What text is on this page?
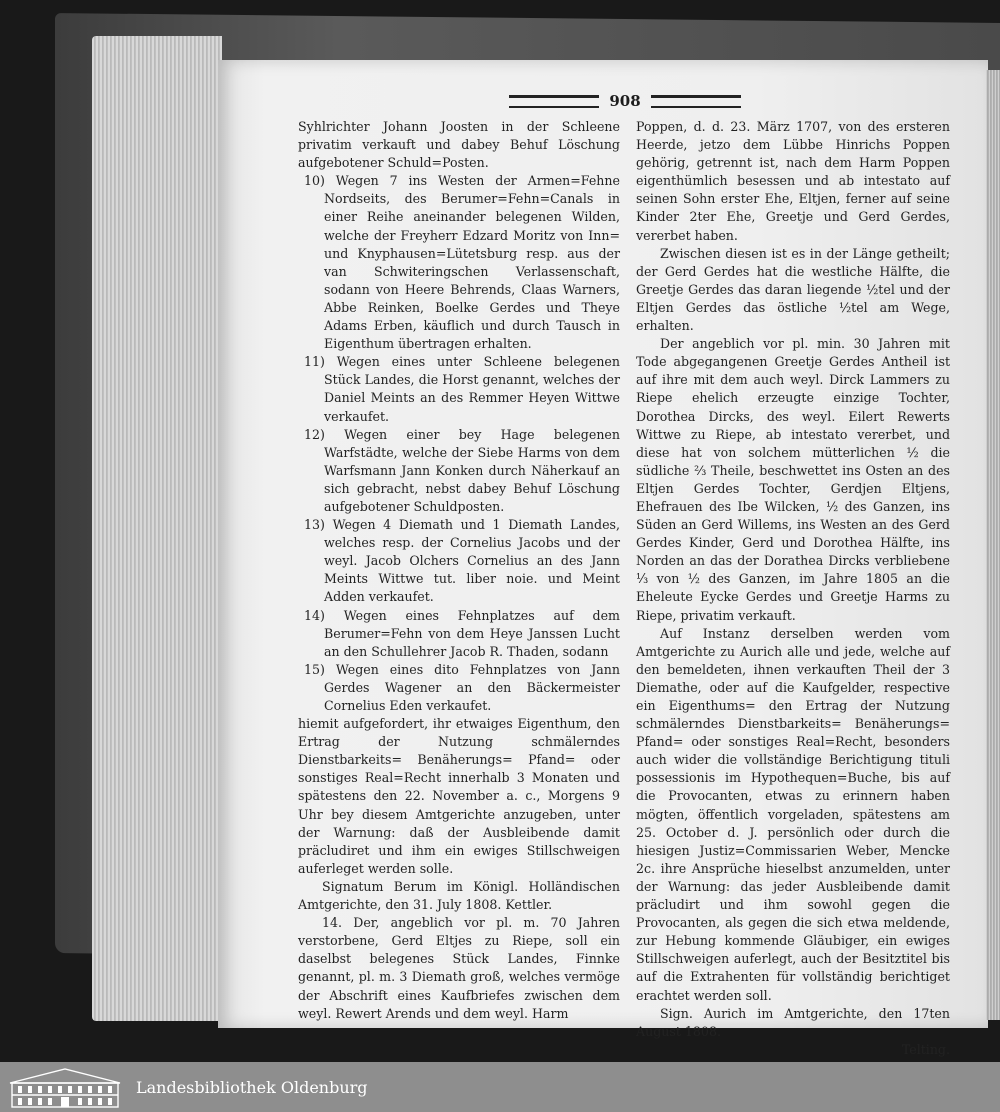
908

Syhlrichter Johann Joosten in der Schleene privatim verkauft und dabey Behuf Löschung aufgebotener Schuld=Posten.

10) Wegen 7 ins Westen der Armen=Fehne Nordseits, des Berumer=Fehn=Canals in einer Reihe aneinander belegenen Wilden, welche der Freyherr Edzard Moritz von Inn= und Knyphausen=Lütetsburg resp. aus der van Schwiteringschen Verlassenschaft, sodann von Heere Behrends, Claas Warners, Abbe Reinken, Boelke Gerdes und Theye Adams Erben, käuflich und durch Tausch in Eigenthum übertragen erhalten.

11) Wegen eines unter Schleene belegenen Stück Landes, die Horst genannt, welches der Daniel Meints an des Remmer Heyen Wittwe verkaufet.

12) Wegen einer bey Hage belegenen Warfstädte, welche der Siebe Harms von dem Warfsmann Jann Konken durch Näherkauf an sich gebracht, nebst dabey Behuf Löschung aufgebotener Schuldposten.

13) Wegen 4 Diemath und 1 Diemath Landes, welches resp. der Cornelius Jacobs und der weyl. Jacob Olchers Cornelius an des Jann Meints Wittwe tut. liber noie. und Meint Adden verkaufet.

14) Wegen eines Fehnplatzes auf dem Berumer=Fehn von dem Heye Janssen Lucht an den Schullehrer Jacob R. Thaden, sodann

15) Wegen eines dito Fehnplatzes von Jann Gerdes Wagener an den Bäckermeister Cornelius Eden verkaufet.

hiemit aufgefordert, ihr etwaiges Eigenthum, den Ertrag der Nutzung schmälerndes Dienstbarkeits= Benäherungs= Pfand= oder sonstiges Real=Recht innerhalb 3 Monaten und spätestens den 22. November a. c., Morgens 9 Uhr bey diesem Amtgerichte anzugeben, unter der Warnung: daß der Ausbleibende damit präcludiret und ihm ein ewiges Stillschweigen auferleget werden solle.

Signatum Berum im Königl. Holländischen Amtgerichte, den 31. July 1808. Kettler.

14. Der, angeblich vor pl. m. 70 Jahren verstorbene, Gerd Eltjes zu Riepe, soll ein daselbst belegenes Stück Landes, Finnke genannt, pl. m. 3 Diemath groß, welches vermöge der Abschrift eines Kaufbriefes zwischen dem weyl. Rewert Arends und dem weyl. Harm

Poppen, d. d. 23. März 1707, von des ersteren Heerde, jetzo dem Lübbe Hinrichs Poppen gehörig, getrennt ist, nach dem Harm Poppen eigenthümlich besessen und ab intestato auf seinen Sohn erster Ehe, Eltjen, ferner auf seine Kinder 2ter Ehe, Greetje und Gerd Gerdes, vererbet haben.

Zwischen diesen ist es in der Länge getheilt; der Gerd Gerdes hat die westliche Hälfte, die Greetje Gerdes das daran liegende ½tel und der Eltjen Gerdes das östliche ½tel am Wege, erhalten.

Der angeblich vor pl. min. 30 Jahren mit Tode abgegangenen Greetje Gerdes Antheil ist auf ihre mit dem auch weyl. Dirck Lammers zu Riepe ehelich erzeugte einzige Tochter, Dorothea Dircks, des weyl. Eilert Rewerts Wittwe zu Riepe, ab intestato vererbet, und diese hat von solchem mütterlichen ½ die südliche ⅔ Theile, beschwettet ins Osten an des Eltjen Gerdes Tochter, Gerdjen Eltjens, Ehefrauen des Ibe Wilcken, ½ des Ganzen, ins Süden an Gerd Willems, ins Westen an des Gerd Gerdes Kinder, Gerd und Dorothea Hälfte, ins Norden an das der Dorathea Dircks verbliebene ⅓ von ½ des Ganzen, im Jahre 1805 an die Eheleute Eycke Gerdes und Greetje Harms zu Riepe, privatim verkauft.

Auf Instanz derselben werden vom Amtgerichte zu Aurich alle und jede, welche auf den bemeldeten, ihnen verkauften Theil der 3 Diemathe, oder auf die Kaufgelder, respective ein Eigenthums= den Ertrag der Nutzung schmälerndes Dienstbarkeits= Benäherungs= Pfand= oder sonstiges Real=Recht, besonders auch wider die vollständige Berichtigung tituli possessionis im Hypothequen=Buche, bis auf die Provocanten, etwas zu erinnern haben mögten, öffentlich vorgeladen, spätestens am 25. October d. J. persönlich oder durch die hiesigen Justiz=Commissarien Weber, Mencke 2c. ihre Ansprüche hieselbst anzumelden, unter der Warnung: das jeder Ausbleibende damit präcludirt und ihm sowohl gegen die Provocanten, als gegen die sich etwa meldende, zur Hebung kommende Gläubiger, ein ewiges Stillschweigen auferlegt, auch der Besitztitel bis auf die Extrahenten für vollständig berichtiget erachtet werden soll.

Sign. Aurich im Amtgerichte, den 17ten August 1808.

Telting.
Landesbibliothek Oldenburg
